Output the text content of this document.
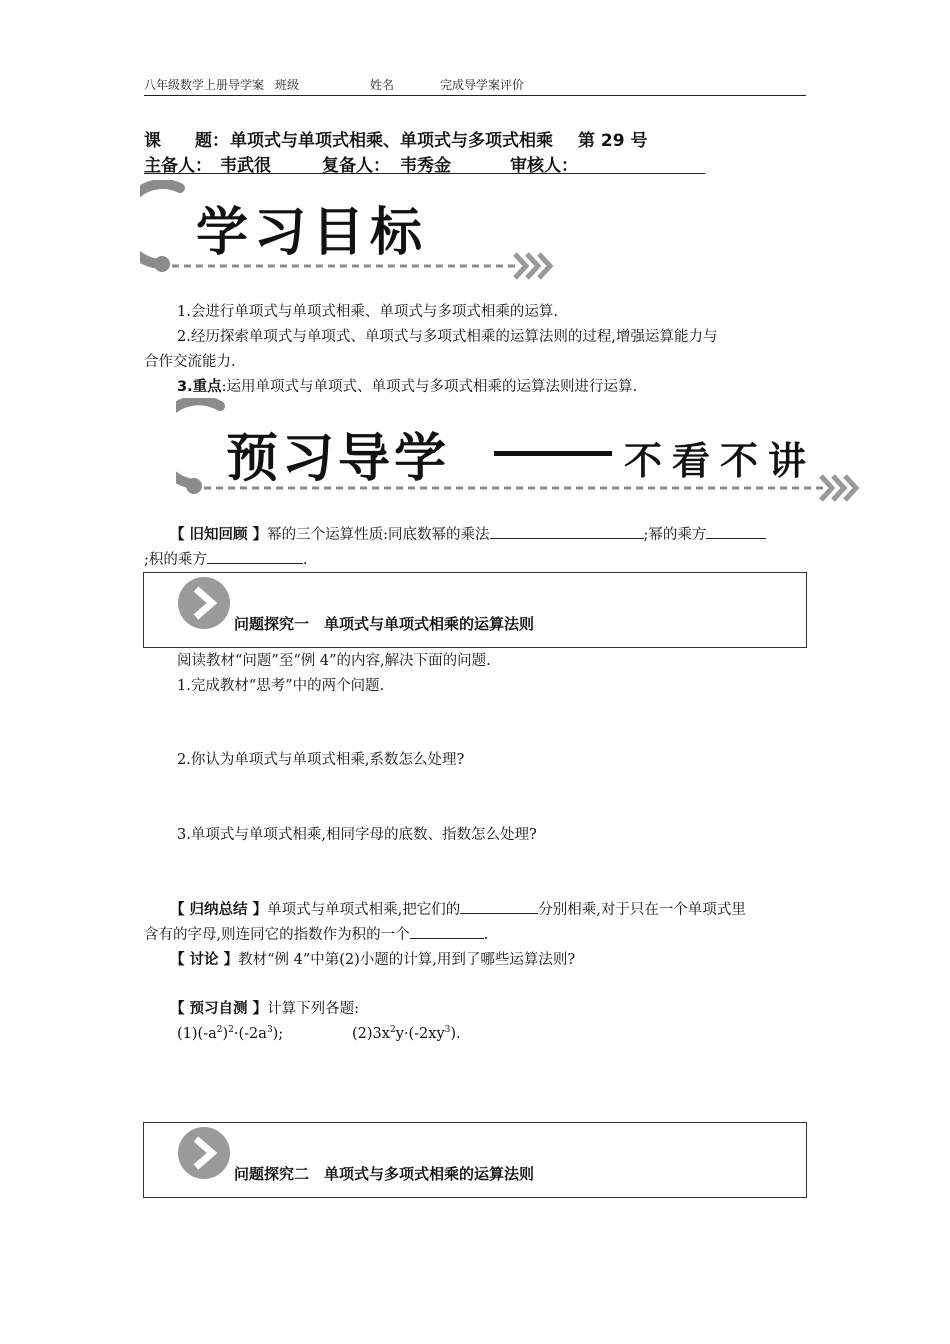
八年级数学上册导学案 班级	姓名	完成导学案评价
课　　题： 单项式与单项式相乘、单项式与多项式相乘 第 29 号
主备人： 韦武很	复备人： 韦秀金	审核人：
学习目标
1.会进行单项式与单项式相乘、单项式与多项式相乘的运算.
2.经历探索单项式与单项式、单项式与多项式相乘的运算法则的过程,增强运算能力与
合作交流能力.
3.重点:运用单项式与单项式、单项式与多项式相乘的运算法则进行运算.
预习导学	不看不讲
【 旧知回顾 】幂的三个运算性质:同底数幂的乘法	;幂的乘方
;积的乘方	.
问题探究一　单项式与单项式相乘的运算法则
阅读教材“问题”至“例 4”的内容,解决下面的问题.
1.完成教材“思考”中的两个问题.
2.你认为单项式与单项式相乘,系数怎么处理?
3.单项式与单项式相乘,相同字母的底数、指数怎么处理?
【 归纳总结 】单项式与单项式相乘,把它们的	分别相乘,对于只在一个单项式里
含有的字母,则连同它的指数作为积的一个	.
【 讨论 】教材“例 4”中第(2)小题的计算,用到了哪些运算法则?
【 预习自测 】计算下列各题:
$(1)(-a^2)^2\cdot(-2a^3)$;	$(2)3x^2y\cdot(-2xy^3)$.
问题探究二　单项式与多项式相乘的运算法则
